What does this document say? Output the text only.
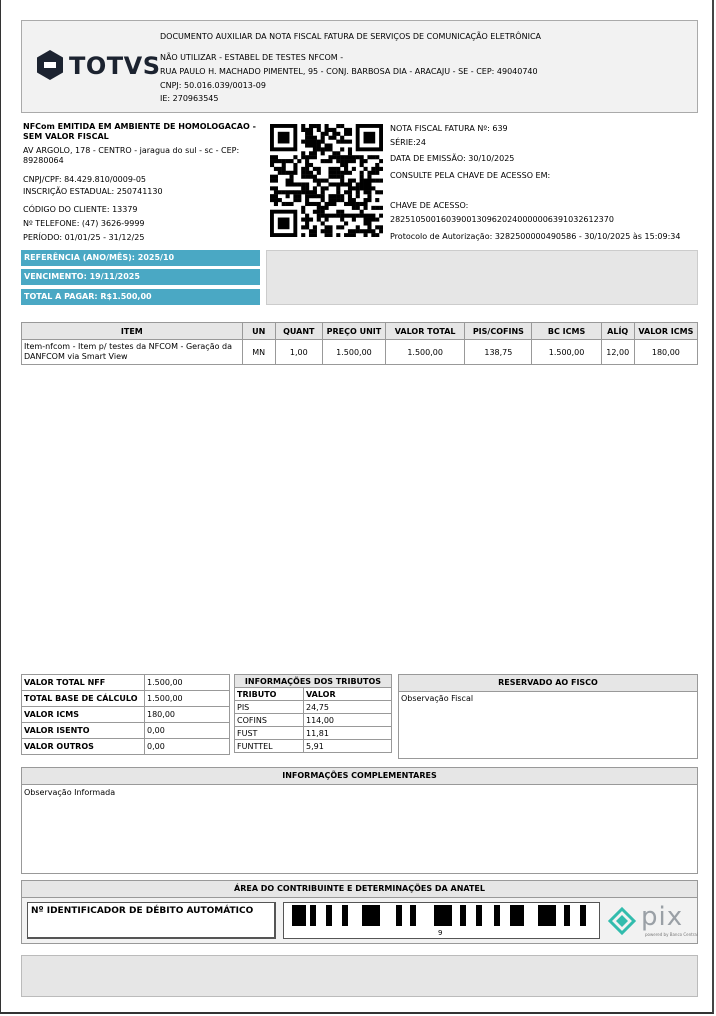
TOTVS
DOCUMENTO AUXILIAR DA NOTA FISCAL FATURA DE SERVIÇOS DE COMUNICAÇÃO ELETRÔNICA
NÃO UTILIZAR - ESTABEL DE TESTES NFCOM -
RUA PAULO H. MACHADO PIMENTEL, 95 - CONJ. BARBOSA DIA - ARACAJU - SE - CEP: 49040740
CNPJ: 50.016.039/0013-09
IE: 270963545
NFCom EMITIDA EM AMBIENTE DE HOMOLOGACAO -
SEM VALOR FISCAL
AV ARGOLO, 178 - CENTRO - jaragua do sul - sc - CEP:
89280064
CNPJ/CPF: 84.429.810/0009-05
INSCRIÇÃO ESTADUAL: 250741130
CÓDIGO DO CLIENTE: 13379
Nº TELEFONE: (47) 3626-9999
PERÍODO: 01/01/25 - 31/12/25
NOTA FISCAL FATURA Nº: 639
SÉRIE:24
DATA DE EMISSÃO: 30/10/2025
CONSULTE PELA CHAVE DE ACESSO EM:
CHAVE DE ACESSO:
28251050016039001309620240000006391032612370
Protocolo de Autorização: 3282500000490586 - 30/10/2025 às 15:09:34
REFERÊNCIA (ANO/MÊS): 2025/10
VENCIMENTO: 19/11/2025
TOTAL A PAGAR: R$1.500,00
ITEM	UN	QUANT	PREÇO UNIT	VALOR TOTAL	PIS/COFINS	BC ICMS	ALÍQ	VALOR ICMS
Item-nfcom - Item p/ testes da NFCOM - Geração da
DANFCOM via Smart View	MN	1,00	1.500,00	1.500,00	138,75	1.500,00	12,00	180,00
VALOR TOTAL NFF	1.500,00
TOTAL BASE DE CÁLCULO	1.500,00
VALOR ICMS	180,00
VALOR ISENTO	0,00
VALOR OUTROS	0,00
INFORMAÇÕES DOS TRIBUTOS	
TRIBUTO	VALOR
PIS	24,75
COFINS	114,00
FUST	11,81
FUNTTEL	5,91
RESERVADO AO FISCO
Observação Fiscal
INFORMAÇÕES COMPLEMENTARES
Observação Informada
ÁREA DO CONTRIBUINTE E DETERMINAÇÕES DA ANATEL
Nº IDENTIFICADOR DE DÉBITO AUTOMÁTICO
9
pix
powered by Banco Central
